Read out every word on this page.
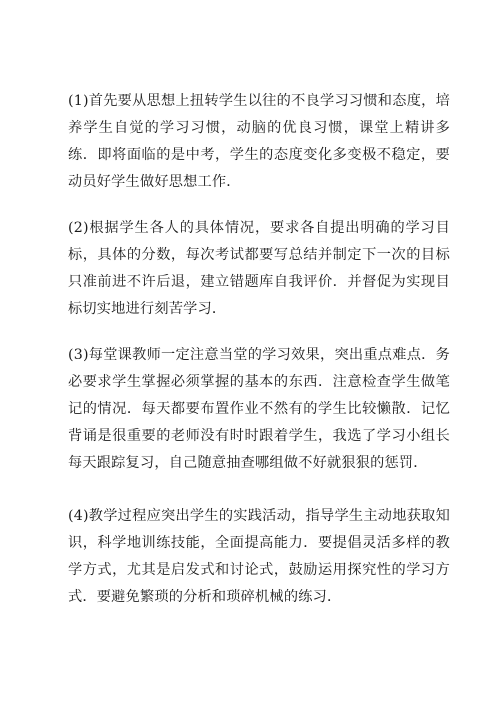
(1)首先要从思想上扭转学生以往的不良学习习惯和态度，培养学生自觉的学习习惯，动脑的优良习惯，课堂上精讲多练．即将面临的是中考，学生的态度变化多变极不稳定，要动员好学生做好思想工作．

(2)根据学生各人的具体情况，要求各自提出明确的学习目标，具体的分数，每次考试都要写总结并制定下一次的目标只准前进不许后退，建立错题库自我评价．并督促为实现目标切实地进行刻苦学习．

(3)每堂课教师一定注意当堂的学习效果，突出重点难点．务必要求学生掌握必须掌握的基本的东西．注意检查学生做笔记的情况．每天都要布置作业不然有的学生比较懒散．记忆背诵是很重要的老师没有时时跟着学生，我选了学习小组长每天跟踪复习，自己随意抽查哪组做不好就狠狠的惩罚．

(4)教学过程应突出学生的实践活动，指导学生主动地获取知识，科学地训练技能，全面提高能力．要提倡灵活多样的教学方式，尤其是启发式和讨论式，鼓励运用探究性的学习方式．要避免繁琐的分析和琐碎机械的练习．
